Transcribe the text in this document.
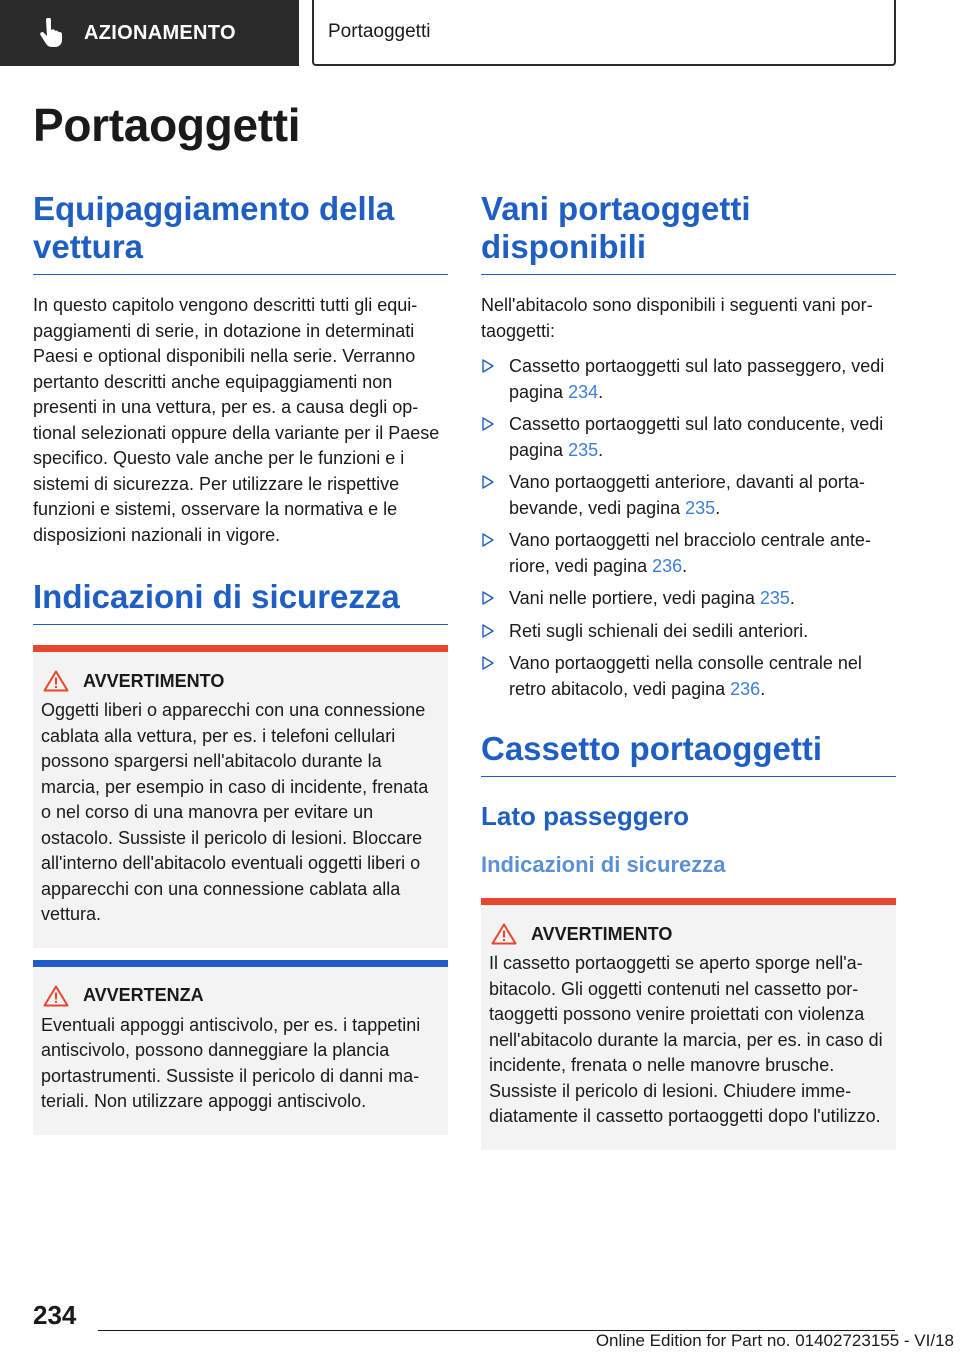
AZIONAMENTO	Portaoggetti
Portaoggetti
Equipaggiamento della vettura

In questo capitolo vengono descritti tutti gli equipaggiamenti di serie, in dotazione in determinati Paesi e optional disponibili nella serie. Verranno pertanto descritti anche equipaggiamenti non presenti in una vettura, per es. a causa degli optional selezionati oppure della variante per il Paese specifico. Questo vale anche per le funzioni e i sistemi di sicurezza. Per utilizzare le rispettive funzioni e sistemi, osservare la normativa e le disposizioni nazionali in vigore.

Indicazioni di sicurezza
AVVERTIMENTO
Oggetti liberi o apparecchi con una connessione cablata alla vettura, per es. i telefoni cellulari possono spargersi nell'abitacolo durante la marcia, per esempio in caso di incidente, frenata o nel corso di una manovra per evitare un ostacolo. Sussiste il pericolo di lesioni. Bloccare all'interno dell'abitacolo eventuali oggetti liberi o apparecchi con una connessione cablata alla vettura.
AVVERTENZA
Eventuali appoggi antiscivolo, per es. i tappetini antiscivolo, possono danneggiare la plancia portastrumenti. Sussiste il pericolo di danni materiali. Non utilizzare appoggi antiscivolo.
Vani portaoggetti disponibili

Nell'abitacolo sono disponibili i seguenti vani portaoggetti:

Cassetto portaoggetti sul lato passeggero, vedi pagina 234.
Cassetto portaoggetti sul lato conducente, vedi pagina 235.
Vano portaoggetti anteriore, davanti al portabevande, vedi pagina 235.
Vano portaoggetti nel bracciolo centrale anteriore, vedi pagina 236.
Vani nelle portiere, vedi pagina 235.
Reti sugli schienali dei sedili anteriori.
Vano portaoggetti nella consolle centrale nel retro abitacolo, vedi pagina 236.
Cassetto portaoggetti
Lato passeggero
Indicazioni di sicurezza
AVVERTIMENTO
Il cassetto portaoggetti se aperto sporge nell'abitacolo. Gli oggetti contenuti nel cassetto portaoggetti possono venire proiettati con violenza nell'abitacolo durante la marcia, per es. in caso di incidente, frenata o nelle manovre brusche. Sussiste il pericolo di lesioni. Chiudere immediatamente il cassetto portaoggetti dopo l'utilizzo.
234
Online Edition for Part no. 01402723155 - VI/18
